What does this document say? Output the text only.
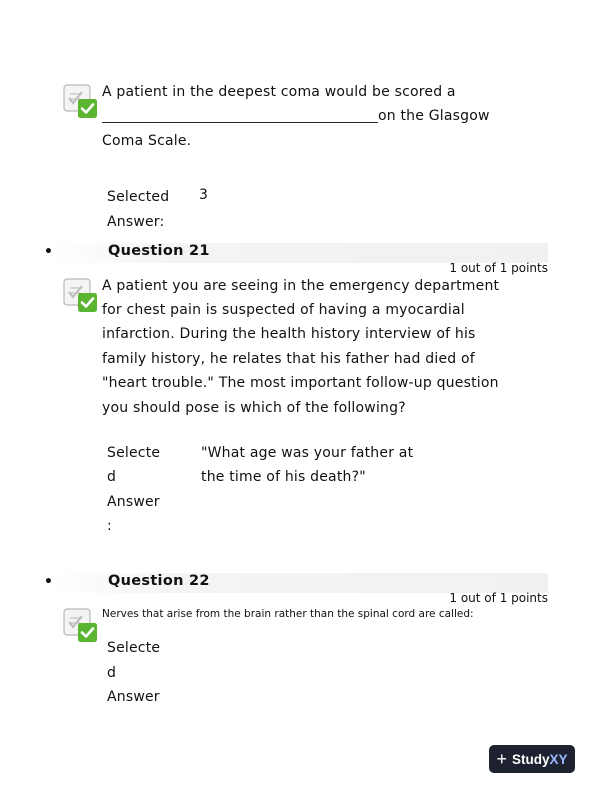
A patient in the deepest coma would be scored a
on the Glasgow
Coma Scale.
Selected
Answer:
3
•	Question 21
1 out of 1 points
A patient you are seeing in the emergency department
for chest pain is suspected of having a myocardial
infarction. During the health history interview of his
family history, he relates that his father had died of
"heart trouble." The most important follow-up question
you should pose is which of the following?
Selecte
d
Answer
:
"What age was your father at
the time of his death?"
•	Question 22
1 out of 1 points
Nerves that arise from the brain rather than the spinal cord are called:
Selecte
d
Answer
+ Study XY
